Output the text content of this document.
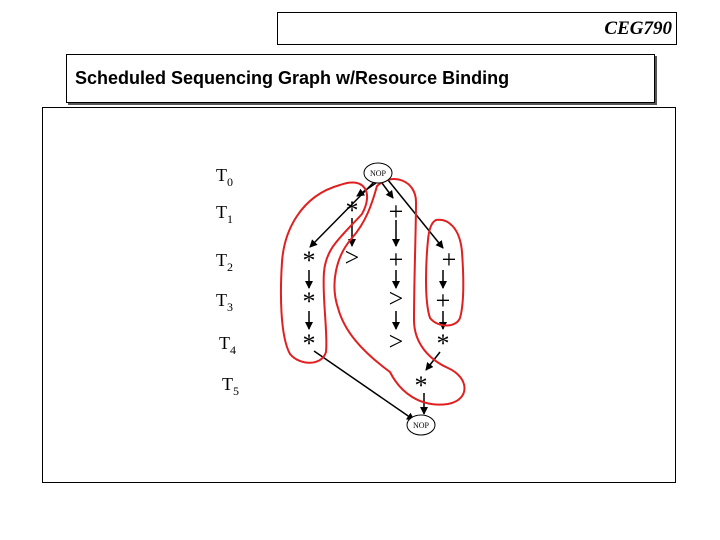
CEG790
Scheduled Sequencing Graph w/Resource Binding
$T_0$
$T_1$
$T_2$
$T_3$
$T_4$
$T_5$
NOP
* +
* > + +
*	> +
*	> *
*
NOP
